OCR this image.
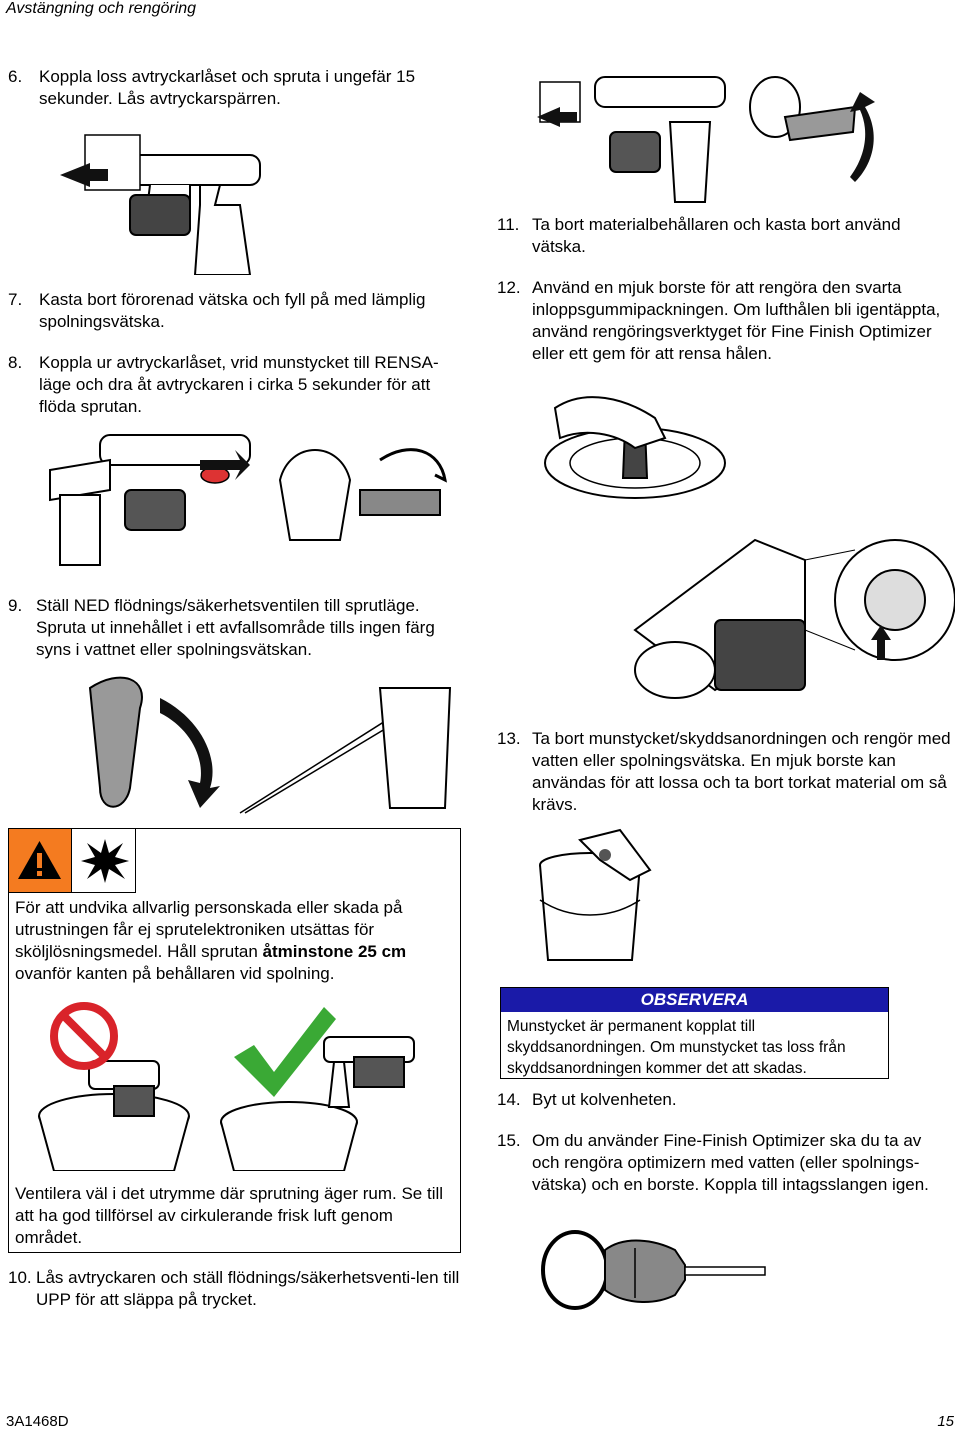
Avstängning och rengöring
6. Koppla loss avtryckarlåset och spruta i ungefär 15 sekunder. Lås avtryckarspärren.
7. Kasta bort förorenad vätska och fyll på med lämplig spolningsvätska.
8. Koppla ur avtryckarlåset, vrid munstycket till RENSA-läge och dra åt avtryckaren i cirka 5 sekunder för att flöda sprutan.
9. Ställ NED flödnings/säkerhetsventilen till sprutläge. Spruta ut innehållet i ett avfallsområde tills ingen färg syns i vattnet eller spolningsvätskan.
För att undvika allvarlig personskada eller skada på utrustningen får ej sprutelektroniken utsättas för sköljlösningsmedel. Håll sprutan åtminstone 25 cm ovanför kanten på behållaren vid spolning.
Ventilera väl i det utrymme där sprutning äger rum. Se till att ha god tillförsel av cirkulerande frisk luft genom området.
10. Lås avtryckaren och ställ flödnings/säkerhetsventi-len till UPP för att släppa på trycket.
11. Ta bort materialbehållaren och kasta bort använd vätska.
12. Använd en mjuk borste för att rengöra den svarta inloppsgummipackningen. Om lufthålen bli igentäppta, använd rengöringsverktyget för Fine Finish Optimizer eller ett gem för att rensa hålen.
13. Ta bort munstycket/skyddsanordningen och rengör med vatten eller spolningsvätska. En mjuk borste kan användas för att lossa och ta bort torkat material om så krävs.
OBSERVERA
Munstycket är permanent kopplat till skyddsanordningen. Om munstycket tas loss från skyddsanordningen kommer det att skadas.
14. Byt ut kolvenheten.
15. Om du använder Fine-Finish Optimizer ska du ta av och rengöra optimizern med vatten (eller spolnings-vätska) och en borste. Koppla till intagsslangen igen.
3A1468D	15
